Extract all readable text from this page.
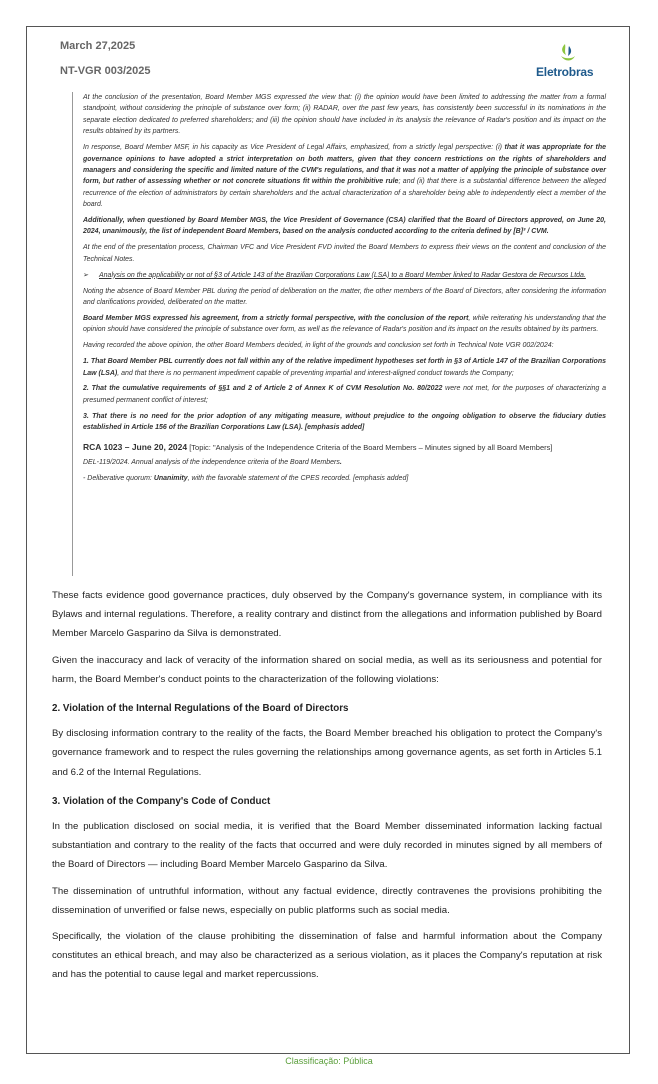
March 27,2025
NT-VGR 003/2025	Eletrobras

At the conclusion of the presentation, Board Member MGS expressed the view that: (i) the opinion would have been limited to addressing the matter from a formal standpoint, without considering the principle of substance over form; (ii) RADAR, over the past few years, has consistently been successful in its nominations in the separate election dedicated to preferred shareholders; and (iii) the opinion should have included in its analysis the relevance of Radar's position and its impact on the results obtained by its partners.

In response, Board Member MSF, in his capacity as Vice President of Legal Affairs, emphasized, from a strictly legal perspective: (i) that it was appropriate for the governance opinions to have adopted a strict interpretation on both matters, given that they concern restrictions on the rights of shareholders and managers and considering the specific and limited nature of the CVM's regulations, and that it was not a matter of applying the principle of substance over form, but rather of assessing whether or not concrete situations fit within the prohibitive rule; and (ii) that there is a substantial difference between the alleged recurrence of the election of administrators by certain shareholders and the actual characterization of a shareholder being able to independently elect a member of the board.

Additionally, when questioned by Board Member MGS, the Vice President of Governance (CSA) clarified that the Board of Directors approved, on June 20, 2024, unanimously, the list of independent Board Members, based on the analysis conducted according to the criteria defined by [B]³ / CVM.

At the end of the presentation process, Chairman VFC and Vice President FVD invited the Board Members to express their views on the content and conclusion of the Technical Notes.

➢	Analysis on the applicability or not of §3 of Article 143 of the Brazilian Corporations Law (LSA) to a Board Member linked to Radar Gestora de Recursos Ltda.

Noting the absence of Board Member PBL during the period of deliberation on the matter, the other members of the Board of Directors, after considering the information and clarifications provided, deliberated on the matter.

Board Member MGS expressed his agreement, from a strictly formal perspective, with the conclusion of the report, while reiterating his understanding that the opinion should have considered the principle of substance over form, as well as the relevance of Radar's position and its impact on the results obtained by its partners.

Having recorded the above opinion, the other Board Members decided, in light of the grounds and conclusion set forth in Technical Note VGR 002/2024:

1. That Board Member PBL currently does not fall within any of the relative impediment hypotheses set forth in §3 of Article 147 of the Brazilian Corporations Law (LSA), and that there is no permanent impediment capable of preventing impartial and interest-aligned conduct towards the Company;

2. That the cumulative requirements of §§1 and 2 of Article 2 of Annex K of CVM Resolution No. 80/2022 were not met, for the purposes of characterizing a presumed permanent conflict of interest;

3. That there is no need for the prior adoption of any mitigating measure, without prejudice to the ongoing obligation to observe the fiduciary duties established in Article 156 of the Brazilian Corporations Law (LSA). [emphasis added]

RCA 1023 – June 20, 2024 [Topic: "Analysis of the Independence Criteria of the Board Members – Minutes signed by all Board Members]

DEL-119/2024. Annual analysis of the independence criteria of the Board Members.

- Deliberative quorum: Unanimity, with the favorable statement of the CPES recorded. [emphasis added]

These facts evidence good governance practices, duly observed by the Company's governance system, in compliance with its Bylaws and internal regulations. Therefore, a reality contrary and distinct from the allegations and information published by Board Member Marcelo Gasparino da Silva is demonstrated.

Given the inaccuracy and lack of veracity of the information shared on social media, as well as its seriousness and potential for harm, the Board Member's conduct points to the characterization of the following violations:

2. Violation of the Internal Regulations of the Board of Directors

By disclosing information contrary to the reality of the facts, the Board Member breached his obligation to protect the Company's governance framework and to respect the rules governing the relationships among governance agents, as set forth in Articles 5.1 and 6.2 of the Internal Regulations.

3. Violation of the Company's Code of Conduct

In the publication disclosed on social media, it is verified that the Board Member disseminated information lacking factual substantiation and contrary to the reality of the facts that occurred and were duly recorded in minutes signed by all members of the Board of Directors — including Board Member Marcelo Gasparino da Silva.

The dissemination of untruthful information, without any factual evidence, directly contravenes the provisions prohibiting the dissemination of unverified or false news, especially on public platforms such as social media.

Specifically, the violation of the clause prohibiting the dissemination of false and harmful information about the Company constitutes an ethical breach, and may also be characterized as a serious violation, as it places the Company's reputation at risk and has the potential to cause legal and market repercussions.

Classificação: Pública
